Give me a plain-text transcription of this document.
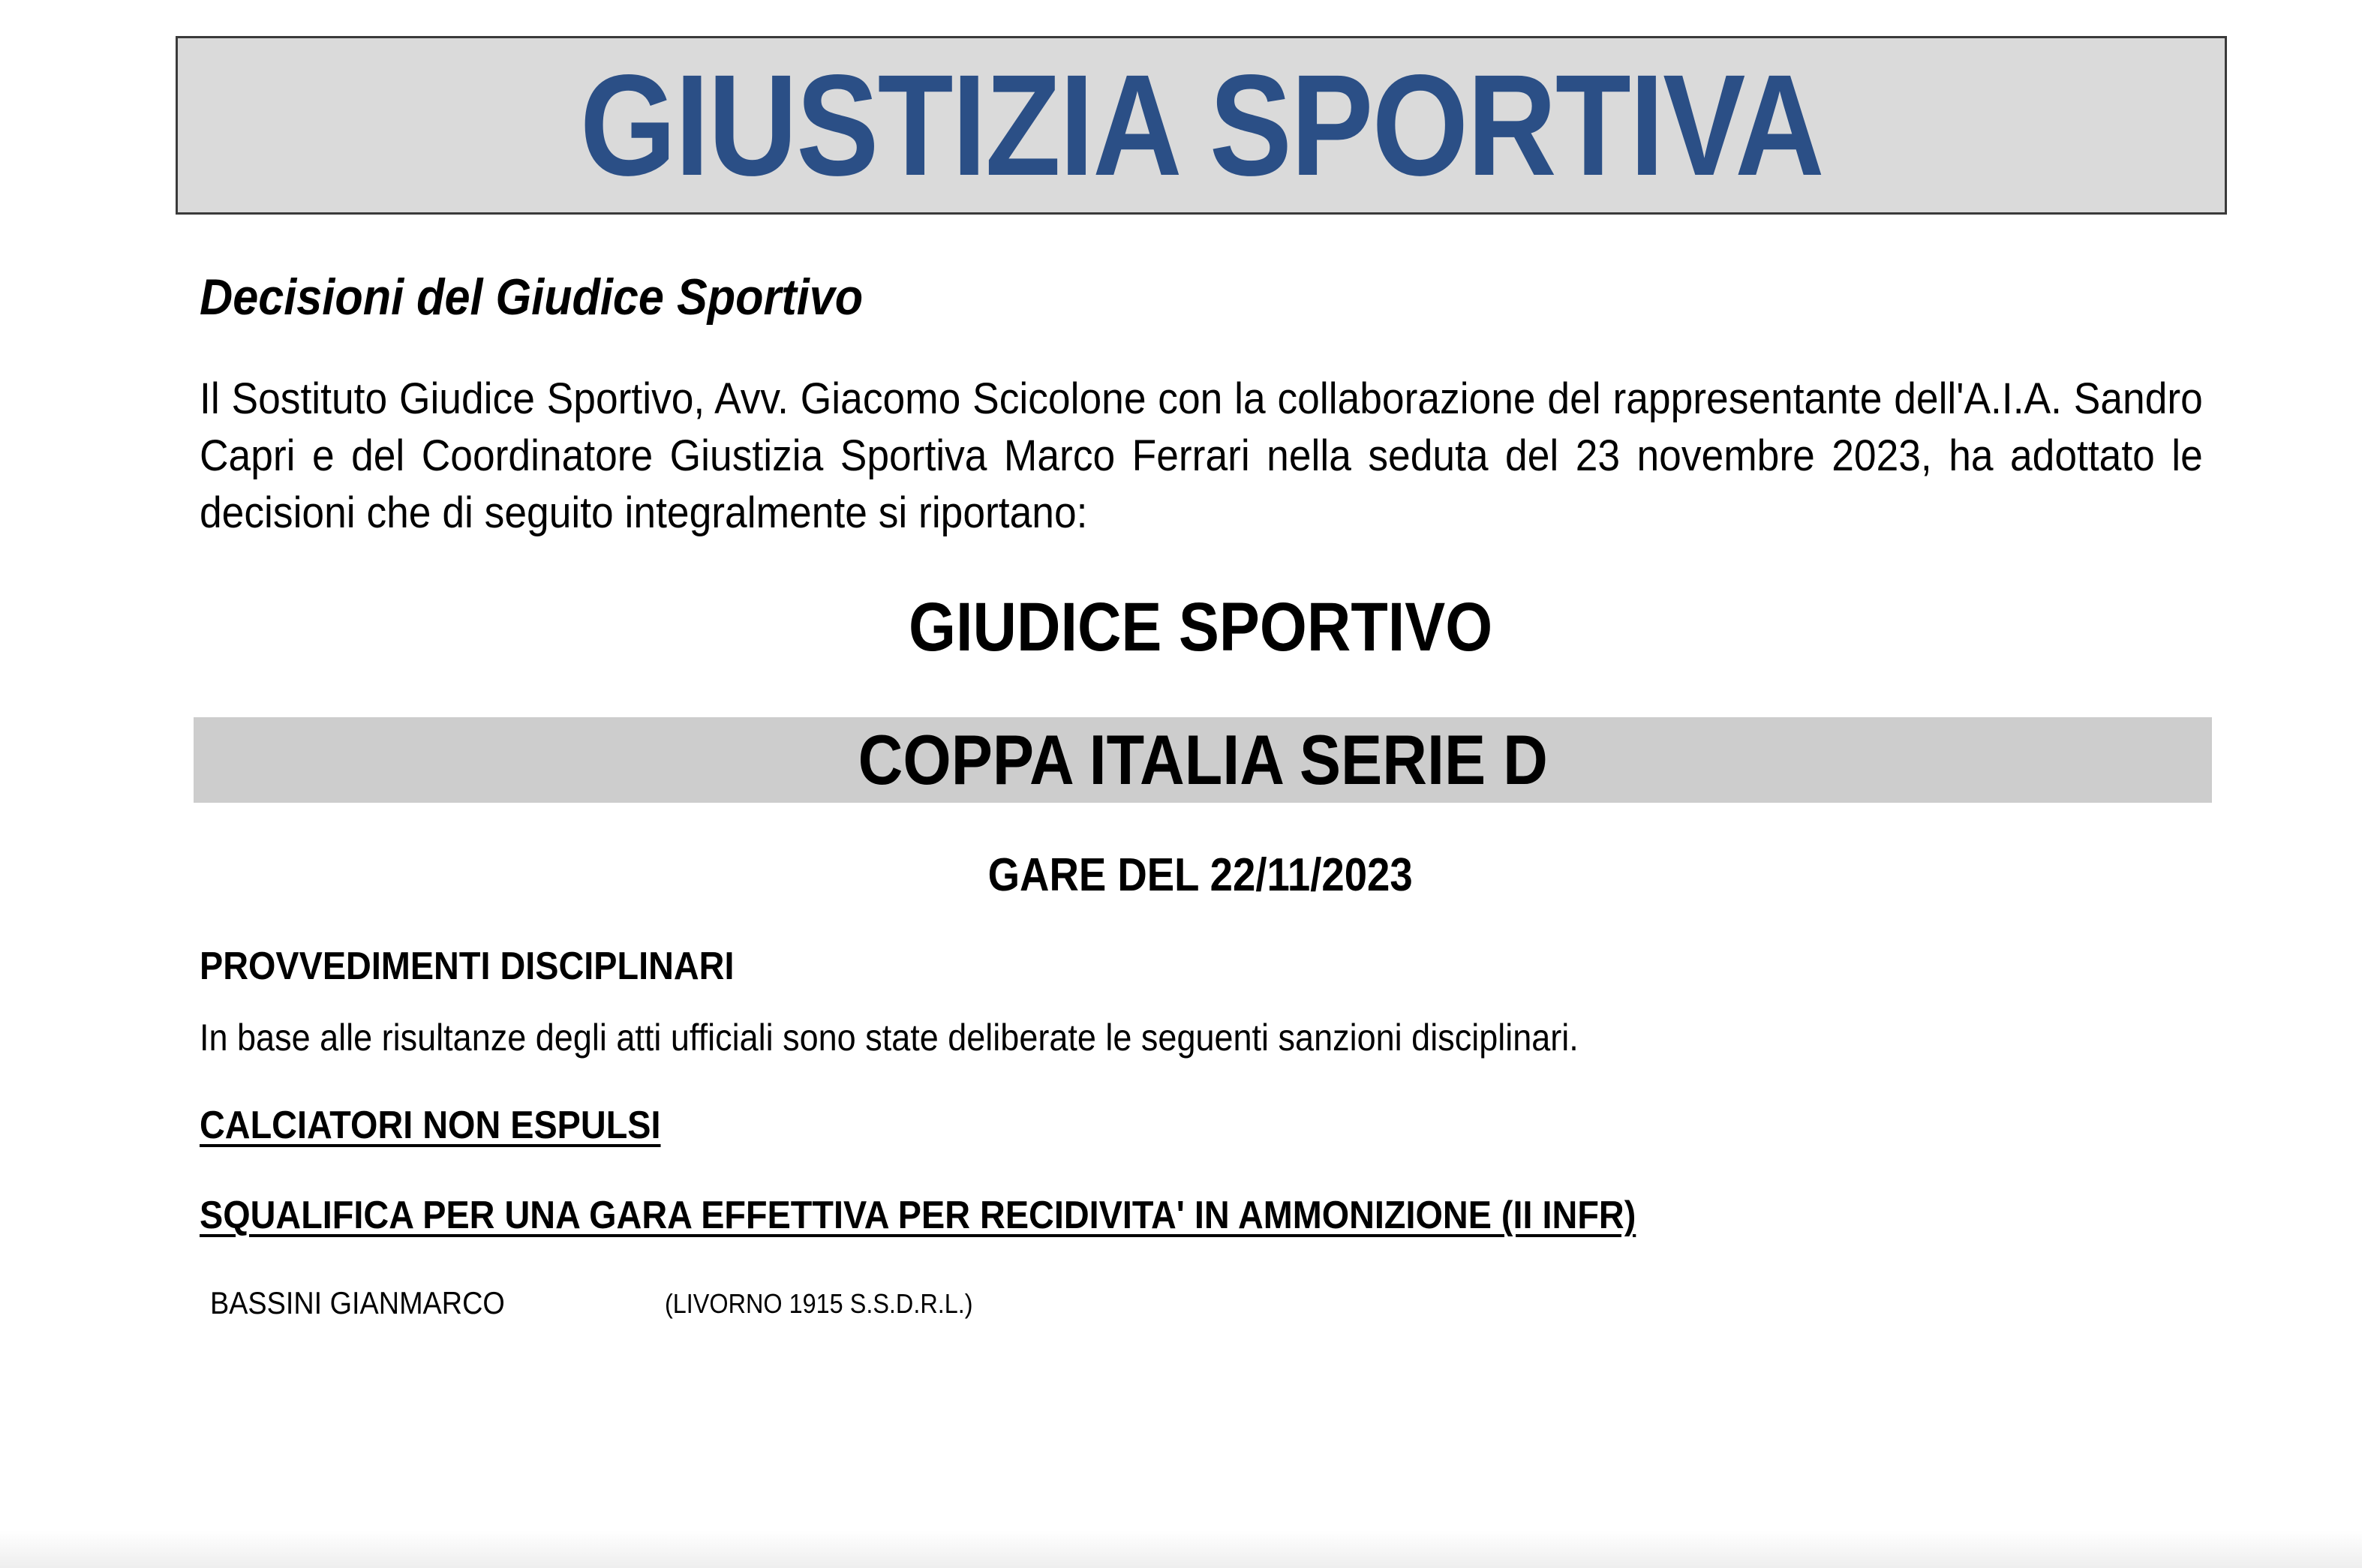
GIUSTIZIA SPORTIVA
Decisioni del Giudice Sportivo
Il Sostituto Giudice Sportivo, Avv. Giacomo Scicolone con la collaborazione del rappresentante dell'A.I.A. Sandro Capri e del Coordinatore Giustizia Sportiva Marco Ferrari nella seduta del 23 novembre 2023, ha adottato le decisioni che di seguito integralmente si riportano:
GIUDICE SPORTIVO
COPPA ITALIA SERIE D
GARE DEL 22/11/2023
PROVVEDIMENTI DISCIPLINARI
In base alle risultanze degli atti ufficiali sono state deliberate le seguenti sanzioni disciplinari.
CALCIATORI NON ESPULSI
SQUALIFICA PER UNA GARA EFFETTIVA PER RECIDIVITA' IN AMMONIZIONE (II INFR)
BASSINI GIANMARCO	(LIVORNO 1915 S.S.D.R.L.)
